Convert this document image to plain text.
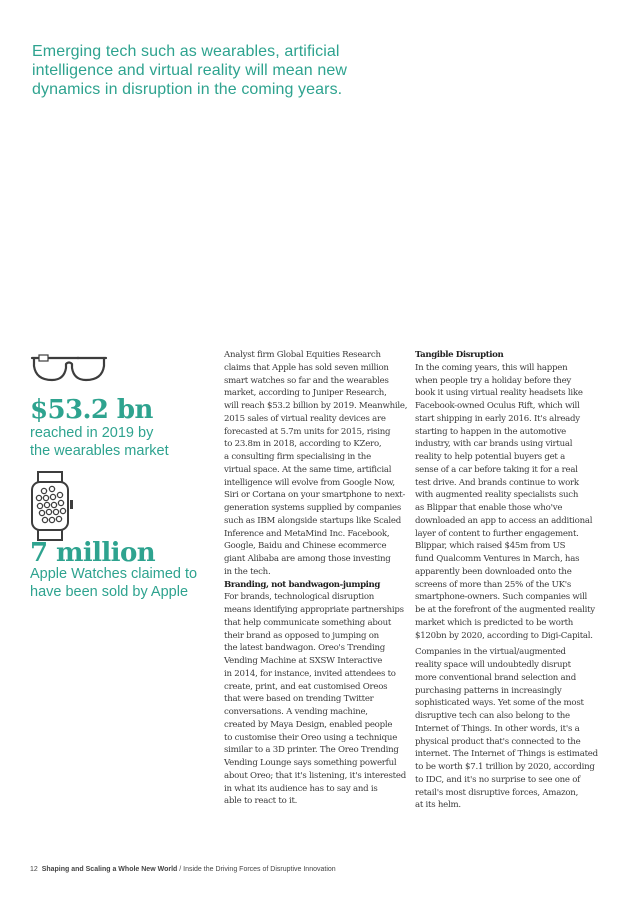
Emerging tech such as wearables, artificial intelligence and virtual reality will mean new dynamics in disruption in the coming years.
$53.2 bn
reached in 2019 by
the wearables market
7 million
Apple Watches claimed to
have been sold by Apple
Analyst firm Global Equities Research
claims that Apple has sold seven million
smart watches so far and the wearables
market, according to Juniper Research,
will reach $53.2 billion by 2019. Meanwhile,
2015 sales of virtual reality devices are
forecasted at 5.7m units for 2015, rising
to 23.8m in 2018, according to KZero,
a consulting firm specialising in the
virtual space. At the same time, artificial
intelligence will evolve from Google Now,
Siri or Cortana on your smartphone to next-
generation systems supplied by companies
such as IBM alongside startups like Scaled
Inference and MetaMind Inc. Facebook,
Google, Baidu and Chinese ecommerce
giant Alibaba are among those investing
in the tech.

Branding, not bandwagon-jumping

For brands, technological disruption
means identifying appropriate partnerships
that help communicate something about
their brand as opposed to jumping on
the latest bandwagon. Oreo's Trending
Vending Machine at SXSW Interactive
in 2014, for instance, invited attendees to
create, print, and eat customised Oreos
that were based on trending Twitter
conversations. A vending machine,
created by Maya Design, enabled people
to customise their Oreo using a technique
similar to a 3D printer. The Oreo Trending
Vending Lounge says something powerful
about Oreo; that it's listening, it's interested
in what its audience has to say and is
able to react to it.

Tangible Disruption

In the coming years, this will happen
when people try a holiday before they
book it using virtual reality headsets like
Facebook-owned Oculus Rift, which will
start shipping in early 2016. It's already
starting to happen in the automotive
industry, with car brands using virtual
reality to help potential buyers get a
sense of a car before taking it for a real
test drive. And brands continue to work
with augmented reality specialists such
as Blippar that enable those who've
downloaded an app to access an additional
layer of content to further engagement.
Blippar, which raised $45m from US
fund Qualcomm Ventures in March, has
apparently been downloaded onto the
screens of more than 25% of the UK's
smartphone-owners. Such companies will
be at the forefront of the augmented reality
market which is predicted to be worth
$120bn by 2020, according to Digi-Capital.
Companies in the virtual/augmented
reality space will undoubtedly disrupt
more conventional brand selection and
purchasing patterns in increasingly
sophisticated ways. Yet some of the most
disruptive tech can also belong to the
Internet of Things. In other words, it's a
physical product that's connected to the
internet. The Internet of Things is estimated
to be worth $7.1 trillion by 2020, according
to IDC, and it's no surprise to see one of
retail's most disruptive forces, Amazon,
at its helm.
12 Shaping and Scaling a Whole New World / Inside the Driving Forces of Disruptive Innovation
